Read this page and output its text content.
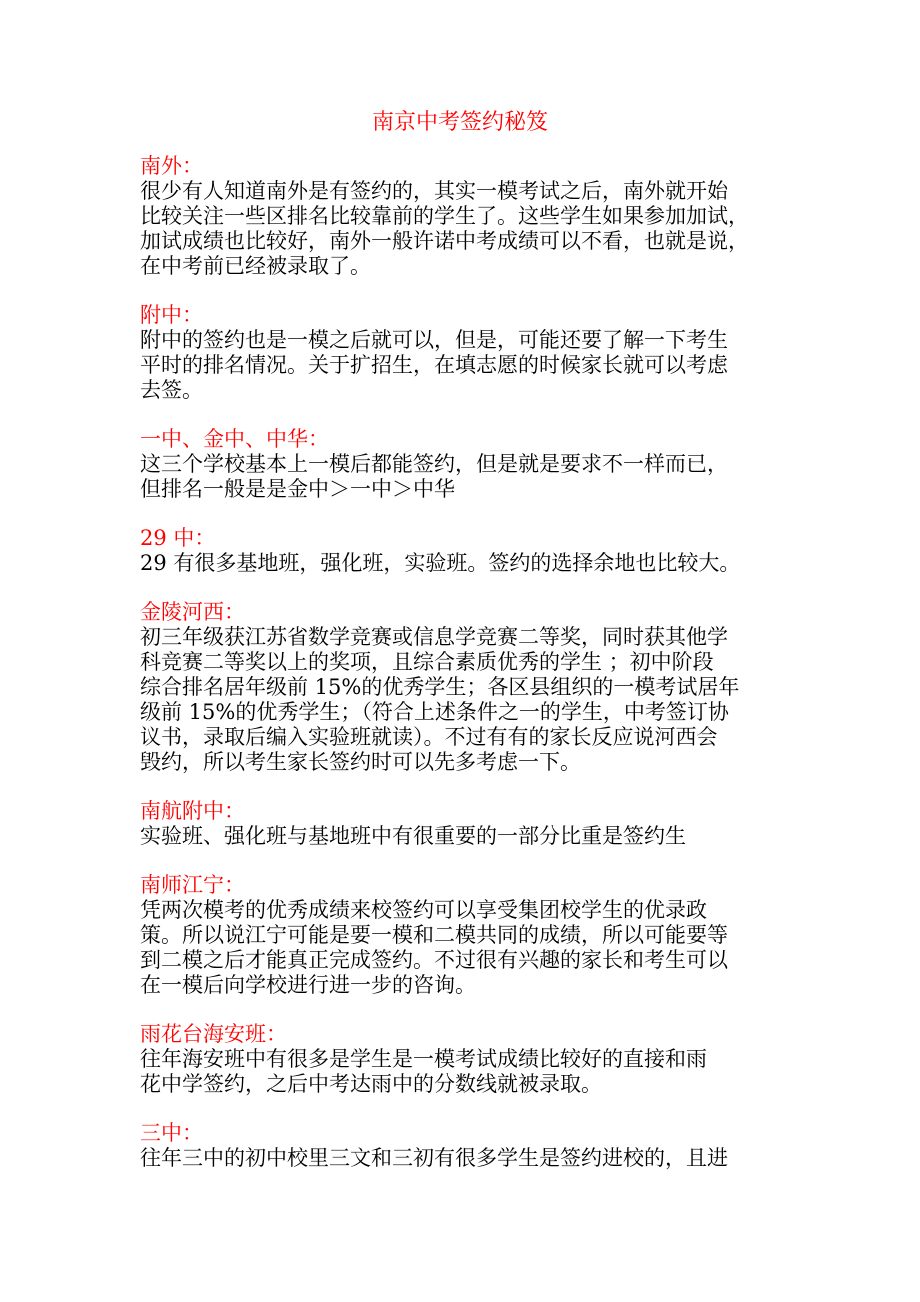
南京中考签约秘笈
南外：
很少有人知道南外是有签约的，其实一模考试之后，南外就开始
比较关注一些区排名比较靠前的学生了。这些学生如果参加加试，
加试成绩也比较好，南外一般许诺中考成绩可以不看，也就是说，
在中考前已经被录取了。
附中：
附中的签约也是一模之后就可以，但是，可能还要了解一下考生
平时的排名情况。关于扩招生，在填志愿的时候家长就可以考虑
去签。
一中、金中、中华：
这三个学校基本上一模后都能签约，但是就是要求不一样而已，
但排名一般是是金中＞一中＞中华
29 中：
29 有很多基地班，强化班，实验班。签约的选择余地也比较大。
金陵河西：
初三年级获江苏省数学竞赛或信息学竞赛二等奖，同时获其他学
科竞赛二等奖以上的奖项，且综合素质优秀的学生 ；初中阶段
综合排名居年级前 15%的优秀学生；各区县组织的一模考试居年
级前 15%的优秀学生；（符合上述条件之一的学生，中考签订协
议书，录取后编入实验班就读）。不过有有的家长反应说河西会
毁约，所以考生家长签约时可以先多考虑一下。
南航附中：
实验班、强化班与基地班中有很重要的一部分比重是签约生
南师江宁：
凭两次模考的优秀成绩来校签约可以享受集团校学生的优录政
策。所以说江宁可能是要一模和二模共同的成绩，所以可能要等
到二模之后才能真正完成签约。不过很有兴趣的家长和考生可以
在一模后向学校进行进一步的咨询。
雨花台海安班：
往年海安班中有很多是学生是一模考试成绩比较好的直接和雨
花中学签约，之后中考达雨中的分数线就被录取。
三中：
往年三中的初中校里三文和三初有很多学生是签约进校的，且进
